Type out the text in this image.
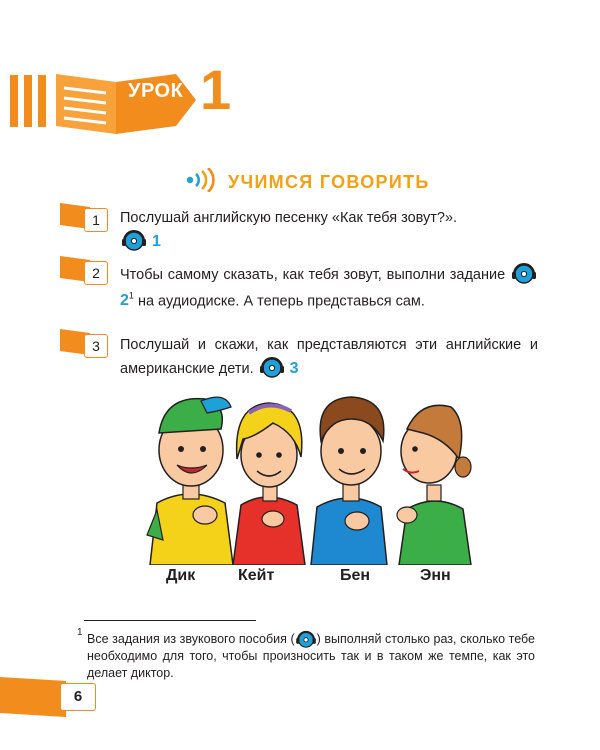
УРОК 1
УЧИМСЯ ГОВОРИТЬ
1	Послушай английскую песенку «Как тебя зовут?».
1
2	Чтобы самому сказать, как тебя зовут, выполни задание  $2^1$ на аудиодиске. А теперь представься сам.
3	Послушай и скажи, как представляются эти английские и американские дети. 3
Дик	Кейт	Бен	Энн
1 Все задания из звукового пособия ( ) выполняй столько раз, сколько тебе необходимо для того, чтобы произносить так и в таком же темпе, как это делает диктор.
6
